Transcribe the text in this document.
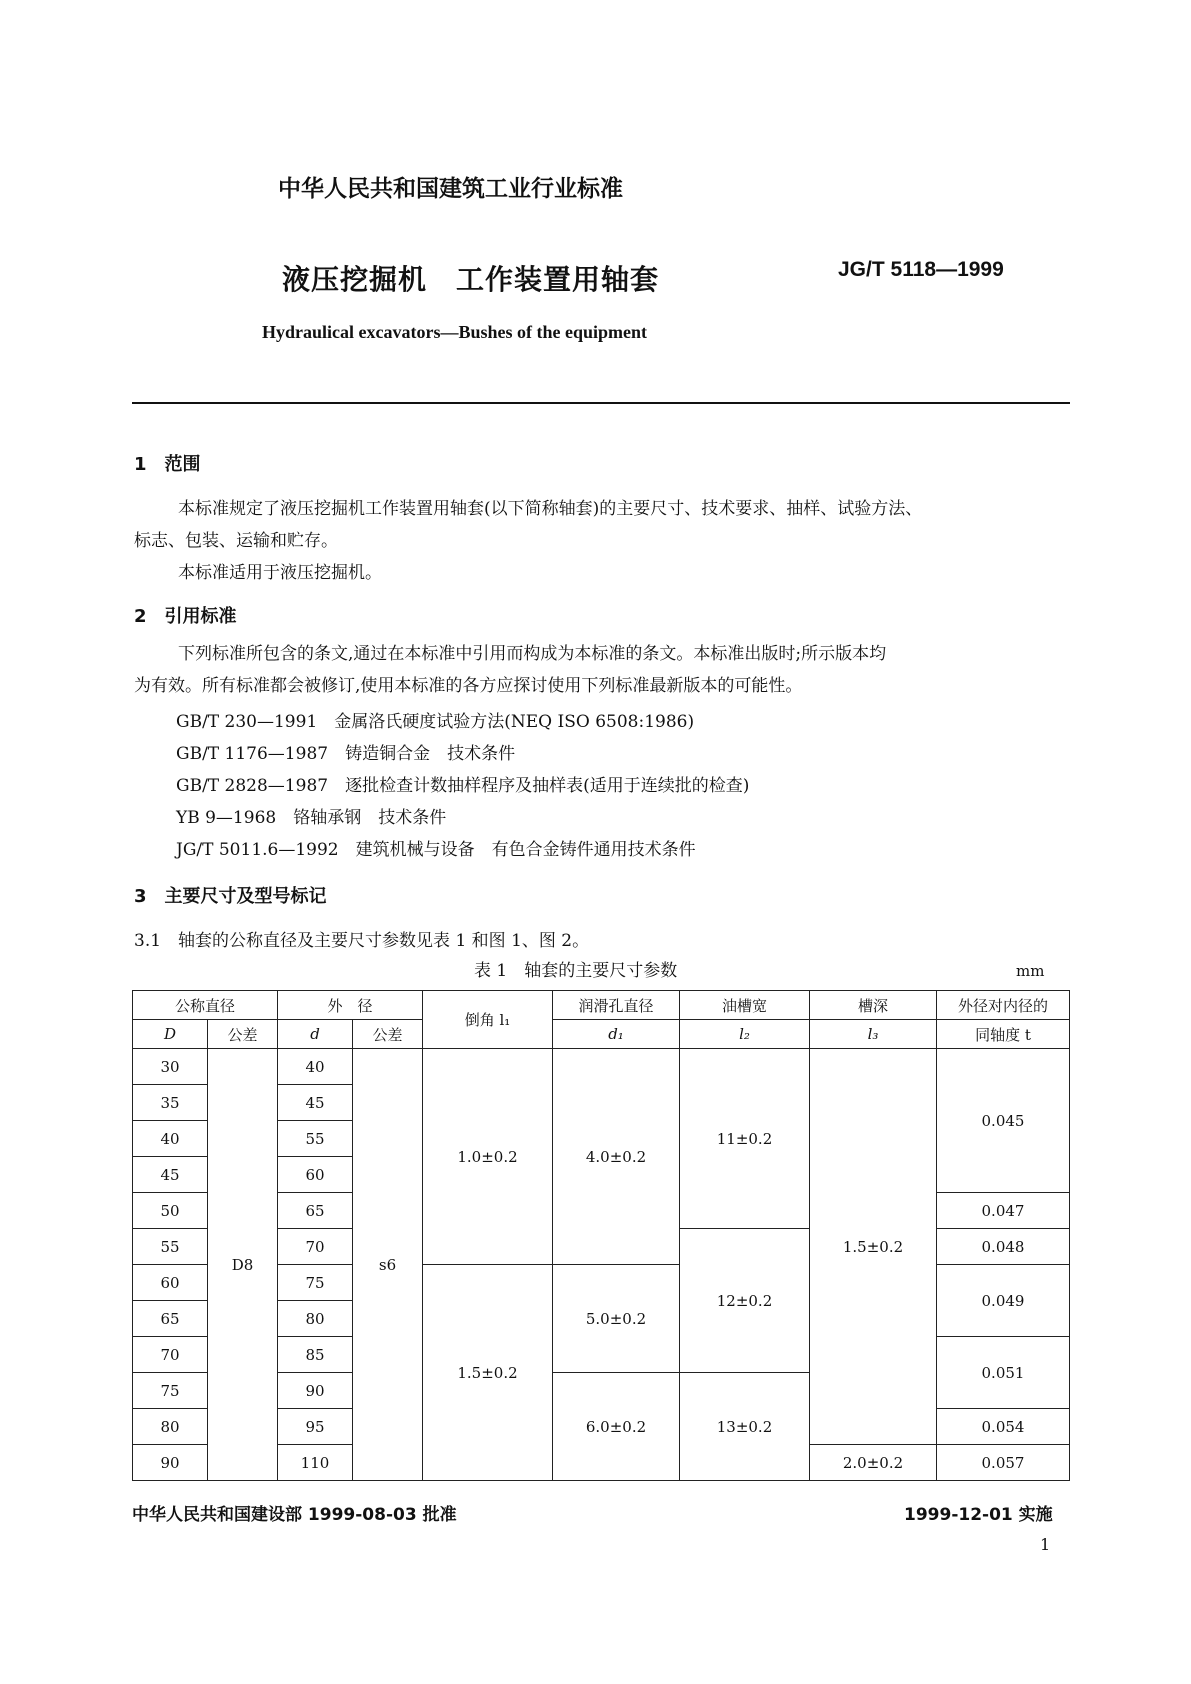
中华人民共和国建筑工业行业标准
液压挖掘机　工作装置用轴套	JG/T 5118—1999
Hydraulical excavators—Bushes of the equipment
1　 范围
本标准规定了液压挖掘机工作装置用轴套(以下简称轴套)的主要尺寸、技术要求、抽样、试验方法、
标志、包装、运输和贮存。
本标准适用于液压挖掘机。
2　 引用标准
下列标准所包含的条文,通过在本标准中引用而构成为本标准的条文。本标准出版时;所示版本均
为有效。所有标准都会被修订,使用本标准的各方应探讨使用下列标准最新版本的可能性。
GB/T 230—1991　 金属洛氏硬度试验方法(NEQ ISO 6508:1986)
GB/T 1176—1987　 铸造铜合金　技术条件
GB/T 2828—1987　 逐批检查计数抽样程序及抽样表(适用于连续批的检查)
YB 9—1968　 铬轴承钢　技术条件
JG/T 5011.6—1992　 建筑机械与设备　有色合金铸件通用技术条件
3　 主要尺寸及型号标记
3.1　 轴套的公称直径及主要尺寸参数见表 1 和图 1、图 2。
表 1　轴套的主要尺寸参数	mm
公称直径		外　径		倒角 l₁	润滑孔直径	油槽宽	槽深	外径对内径的
D	公差	d	公差		d₁	l₂	l₃	同轴度 t
30	D8	40	s6	1.0±0.2	4.0±0.2	11±0.2	1.5±0.2	0.045
35		45						
40		55						
45		60						
50		65						0.047
55		70				12±0.2		0.048
60		75		1.5±0.2	5.0±0.2			0.049
65		80						
70		85						0.051
75		90			6.0±0.2	13±0.2		
80		95						0.054
90		110					2.0±0.2	0.057
中华人民共和国建设部 1999-08-03 批准	1999-12-01 实施
1
